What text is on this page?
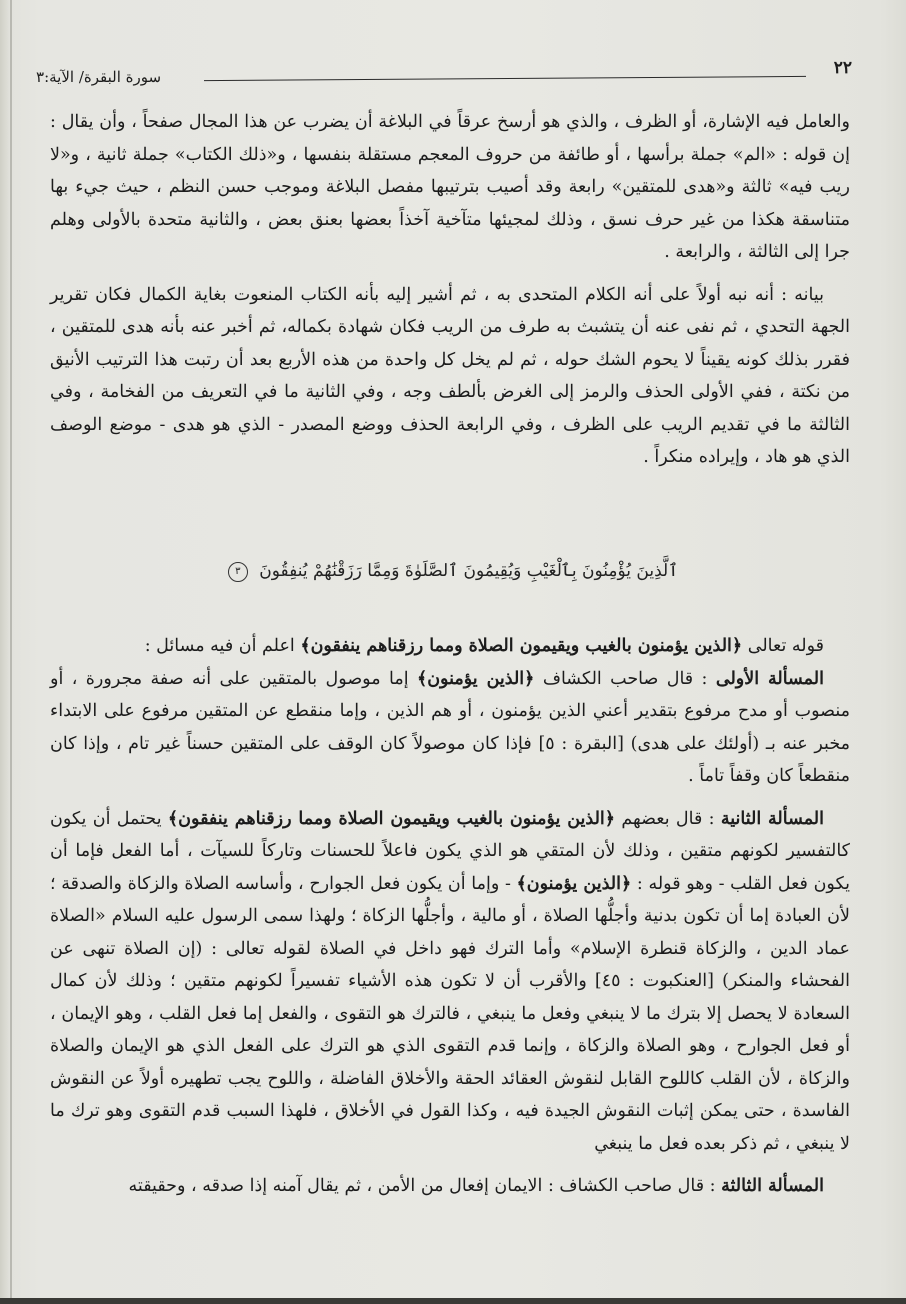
٢٢
سورة البقرة/ الآية:٣

والعامل فيه الإشارة، أو الظرف ، والذي هو أرسخ عرقاً في البلاغة أن يضرب عن هذا المجال صفحاً ، وأن يقال : إن قوله : «الم» جملة برأسها ، أو طائفة من حروف المعجم مستقلة بنفسها ، و«ذلك الكتاب» جملة ثانية ، و«لا ريب فيه» ثالثة و«هدى للمتقين» رابعة وقد أصيب بترتيبها مفصل البلاغة وموجب حسن النظم ، حيث جيء بها متناسقة هكذا من غير حرف نسق ، وذلك لمجيئها متآخية آخذاً بعضها بعنق بعض ، والثانية متحدة بالأولى وهلم جرا إلى الثالثة ، والرابعة .

بيانه : أنه نبه أولاً على أنه الكلام المتحدى به ، ثم أشير إليه بأنه الكتاب المنعوت بغاية الكمال فكان تقرير الجهة التحدي ، ثم نفى عنه أن يتشبث به طرف من الريب فكان شهادة بكماله، ثم أخبر عنه بأنه هدى للمتقين ، فقرر بذلك كونه يقيناً لا يحوم الشك حوله ، ثم لم يخل كل واحدة من هذه الأربع بعد أن رتبت هذا الترتيب الأنيق من نكتة ، ففي الأولى الحذف والرمز إلى الغرض بألطف وجه ، وفي الثانية ما في التعريف من الفخامة ، وفي الثالثة ما في تقديم الريب على الظرف ، وفي الرابعة الحذف ووضع المصدر - الذي هو هدى - موضع الوصف الذي هو هاد ، وإيراده منكراً .

ٱلَّذِينَ يُؤْمِنُونَ بِٱلْغَيْبِ وَيُقِيمُونَ ٱلصَّلَوٰةَ وَمِمَّا رَزَقْنَٰهُمْ يُنفِقُونَ ٣

قوله تعالى ﴿الذين يؤمنون بالغيب ويقيمون الصلاة ومما رزقناهم ينفقون﴾ اعلم أن فيه مسائل :

المسألة الأولى : قال صاحب الكشاف ﴿الذين يؤمنون﴾ إما موصول بالمتقين على أنه صفة مجرورة ، أو منصوب أو مدح مرفوع بتقدير أعني الذين يؤمنون ، أو هم الذين ، وإما منقطع عن المتقين مرفوع على الابتداء مخبر عنه بـ (أولئك على هدى) [البقرة : ٥] فإذا كان موصولاً كان الوقف على المتقين حسناً غير تام ، وإذا كان منقطعاً كان وقفاً تاماً .

المسألة الثانية : قال بعضهم ﴿الذين يؤمنون بالغيب ويقيمون الصلاة ومما رزقناهم ينفقون﴾ يحتمل أن يكون كالتفسير لكونهم متقين ، وذلك لأن المتقي هو الذي يكون فاعلاً للحسنات وتاركاً للسيآت ، أما الفعل فإما أن يكون فعل القلب - وهو قوله : ﴿الذين يؤمنون﴾ - وإما أن يكون فعل الجوارح ، وأساسه الصلاة والزكاة والصدقة ؛ لأن العبادة إما أن تكون بدنية وأجلُّها الصلاة ، أو مالية ، وأجلُّها الزكاة ؛ ولهذا سمى الرسول عليه السلام «الصلاة عماد الدين ، والزكاة قنطرة الإسلام» وأما الترك فهو داخل في الصلاة لقوله تعالى : (إن الصلاة تنهى عن الفحشاء والمنكر) [العنكبوت : ٤٥] والأقرب أن لا تكون هذه الأشياء تفسيراً لكونهم متقين ؛ وذلك لأن كمال السعادة لا يحصل إلا بترك ما لا ينبغي وفعل ما ينبغي ، فالترك هو التقوى ، والفعل إما فعل القلب ، وهو الإيمان ، أو فعل الجوارح ، وهو الصلاة والزكاة ، وإنما قدم التقوى الذي هو الترك على الفعل الذي هو الإيمان والصلاة والزكاة ، لأن القلب كاللوح القابل لنقوش العقائد الحقة والأخلاق الفاضلة ، واللوح يجب تطهيره أولاً عن النقوش الفاسدة ، حتى يمكن إثبات النقوش الجيدة فيه ، وكذا القول في الأخلاق ، فلهذا السبب قدم التقوى وهو ترك ما لا ينبغي ، ثم ذكر بعده فعل ما ينبغي

المسألة الثالثة : قال صاحب الكشاف : الايمان إفعال من الأمن ، ثم يقال آمنه إذا صدقه ، وحقيقته
